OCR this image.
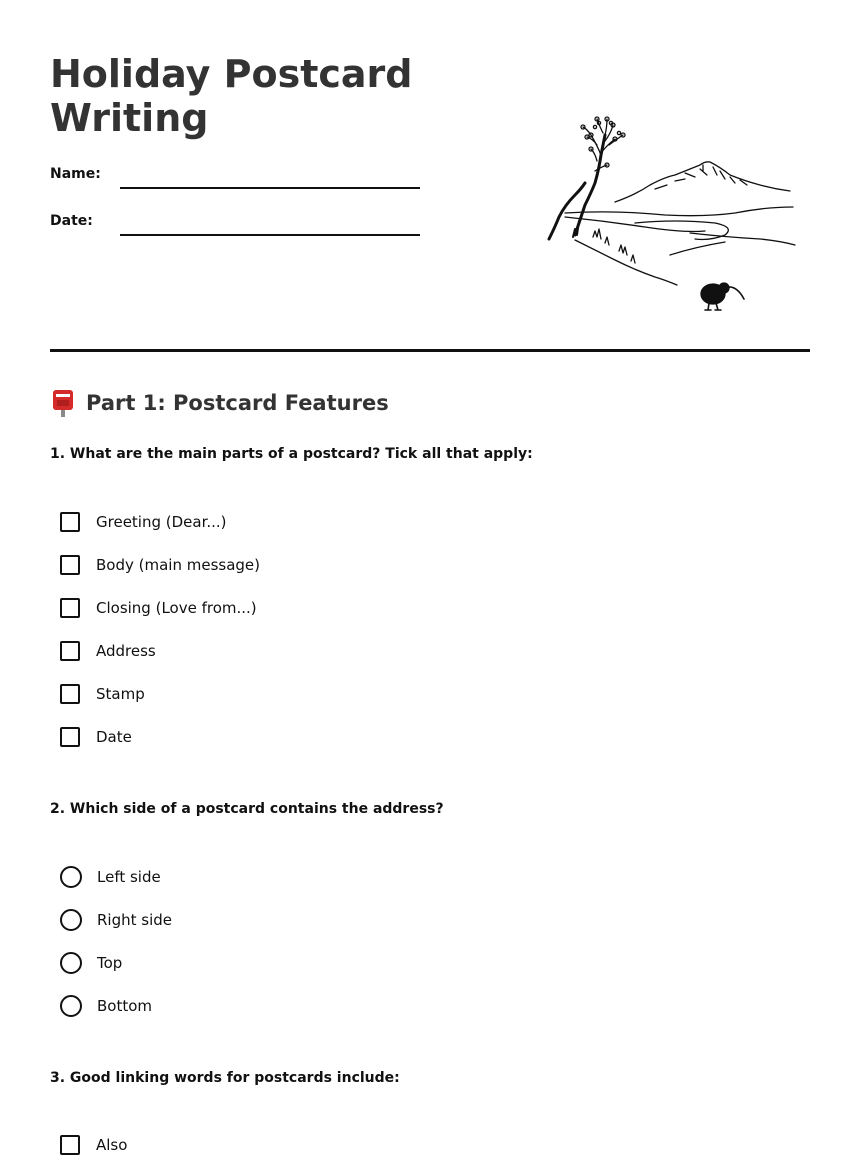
Holiday Postcard
Writing
Name:
Date:
Part 1: Postcard Features
1. What are the main parts of a postcard? Tick all that apply:
Greeting (Dear...)
Body (main message)
Closing (Love from...)
Address
Stamp
Date
2. Which side of a postcard contains the address?
Left side
Right side
Top
Bottom
3. Good linking words for postcards include:
Also
